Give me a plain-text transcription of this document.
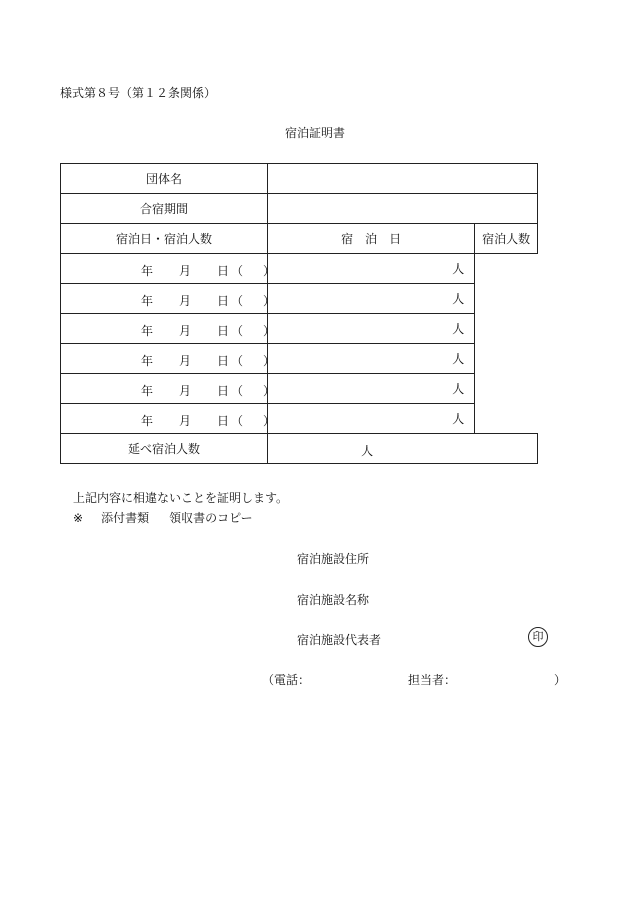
様式第８号（第１２条関係）
宿泊証明書
団体名		
合宿期間		
宿泊日・宿泊人数	宿　泊　日	宿泊人数

年 月 日 （ ）	人	

年 月 日 （ ）	人	

年 月 日 （ ）	人	

年 月 日 （ ）	人	

年 月 日 （ ）	人	

年 月 日 （ ）	人	
延べ宿泊人数	人	
上記内容に相違ないことを証明します。
※ 添付書類 領収書のコピー
宿泊施設住所
宿泊施設名称
宿泊施設代表者	印
（電話：	担当者：	）
